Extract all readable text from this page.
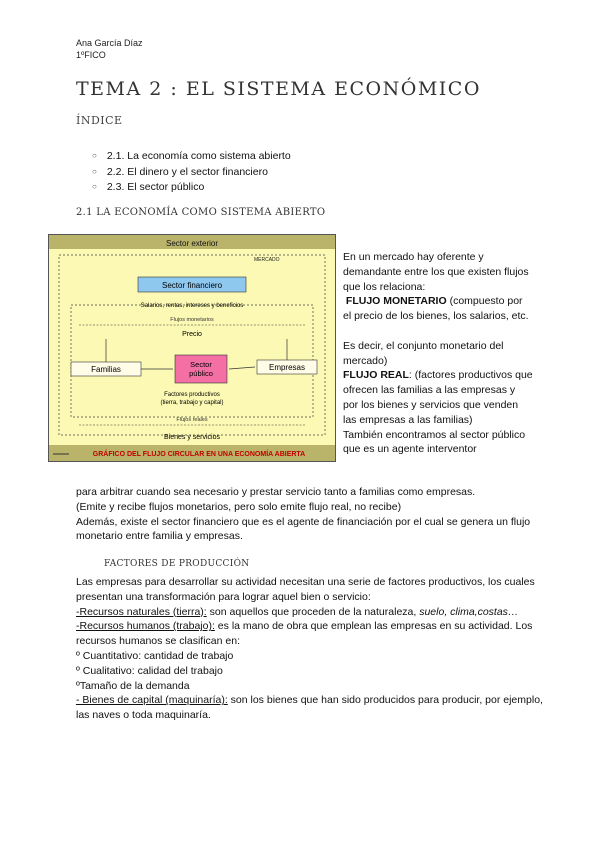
Ana García Díaz
1ºFICO
TEMA 2 : EL SISTEMA ECONÓMICO
ÍNDICE
○ 2.1. La economía como sistema abierto
○ 2.2. El dinero y el sector financiero
○ 2.3. El sector público
2.1 LA ECONOMÍA COMO SISTEMA ABIERTO
Sector exterior
MERCADO
Sector financiero
Salarios, rentas, intereses y beneficios
Flujos monetarios
Precio
Familias
Sector público
Empresas
Factores productivos
(tierra, trabajo y capital)
Flujos reales
Bienes y servicios
GRÁFICO DEL FLUJO CIRCULAR EN UNA ECONOMÍA ABIERTA

En un mercado hay oferente y demandante entre los que existen flujos que los relaciona:
FLUJO MONETARIO (compuesto por el precio de los bienes, los salarios, etc.

Es decir, el conjunto monetario del mercado)
FLUJO REAL: (factores productivos que ofrecen las familias a las empresas y por los bienes y servicios que venden las empresas a las familias)

También encontramos al sector público que es un agente interventor

para arbitrar cuando sea necesario y prestar servicio tanto a familias como empresas.

(Emite y recibe flujos monetarios, pero solo emite flujo real, no recibe)

Además, existe el sector financiero que es el agente de financiación por el cual se genera un flujo monetario entre familia y empresas.

FACTORES DE PRODUCCIÓN

Las empresas para desarrollar su actividad necesitan una serie de factores productivos, los cuales presentan una transformación para lograr aquel bien o servicio:

-Recursos naturales (tierra): son aquellos que proceden de la naturaleza, suelo, clima,costas…

-Recursos humanos (trabajo): es la mano de obra que emplean las empresas en su actividad. Los recursos humanos se clasifican en:

º Cuantitativo: cantidad de trabajo

º Cualitativo: calidad del trabajo

ºTamaño de la demanda

- Bienes de capital (maquinaría): son los bienes que han sido producidos para producir, por ejemplo, las naves o toda maquinaría.
